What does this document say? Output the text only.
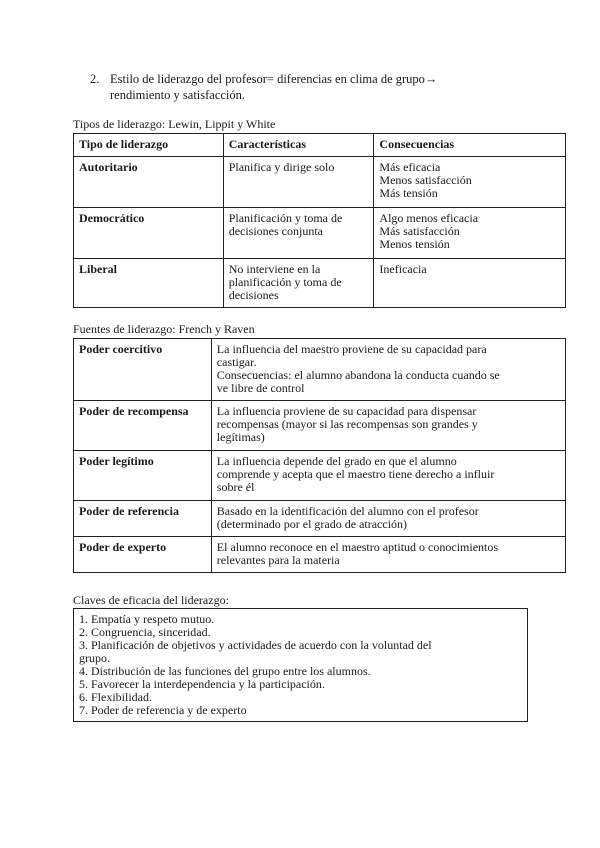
2. Estilo de liderazgo del profesor= diferencias en clima de grupo→
rendimiento y satisfacción.
Tipos de liderazgo: Lewin, Lippit y White
Tipo de liderazgo	Características	Consecuencias
Autoritario	Planifica y dirige solo	Más eficacia
Menos satisfacción
Más tensión

Democrático	Planificación y toma de
decisiones conjunta	Algo menos eficacia
Más satisfacción
Menos tensión

Liberal	No interviene en la
planificación y toma de
decisiones	Ineficacia
Fuentes de liderazgo: French y Raven
Poder coercitivo	La influencia del maestro proviene de su capacidad para
castigar.
Consecuencias: el alumno abandona la conducta cuando se
ve libre de control

Poder de recompensa	La influencia proviene de su capacidad para dispensar
recompensas (mayor si las recompensas son grandes y
legítimas)

Poder legítimo	La influencia depende del grado en que el alumno
comprende y acepta que el maestro tiene derecho a influir
sobre él

Poder de referencia	Basado en la identificación del alumno con el profesor
(determinado por el grado de atracción)

Poder de experto	El alumno reconoce en el maestro aptitud o conocimientos
relevantes para la materia
Claves de eficacia del liderazgo:
1. Empatía y respeto mutuo.
2. Congruencia, sinceridad.
3. Planificación de objetivos y actividades de acuerdo con la voluntad del
grupo.
4. Distribución de las funciones del grupo entre los alumnos.
5. Favorecer la interdependencia y la participación.
6. Flexibilidad.
7. Poder de referencia y de experto
